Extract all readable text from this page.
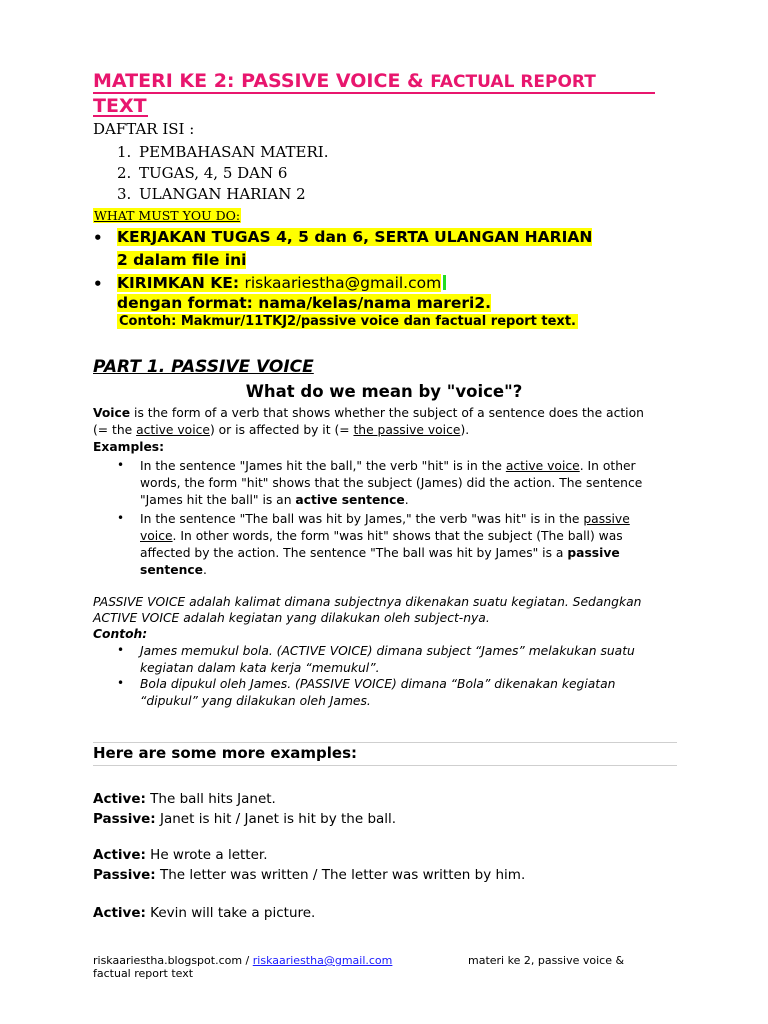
MATERI KE 2: PASSIVE VOICE & FACTUAL REPORT
TEXT
DAFTAR ISI :
1. PEMBAHASAN MATERI.
2. TUGAS, 4, 5 DAN 6
3. ULANGAN HARIAN 2
WHAT MUST YOU DO:
• KERJAKAN TUGAS 4, 5 dan 6, SERTA ULANGAN HARIAN
2 dalam file ini
• KIRIMKAN KE: riskaariestha@gmail.com
dengan format: nama/kelas/nama mareri2.
Contoh: Makmur/11TKJ2/passive voice dan factual report text.
PART 1. PASSIVE VOICE
What do we mean by "voice"?
Voice is the form of a verb that shows whether the subject of a sentence does the action
(= the active voice) or is affected by it (= the passive voice).
Examples:
• In the sentence "James hit the ball," the verb "hit" is in the active voice. In other
words, the form "hit" shows that the subject (James) did the action. The sentence
"James hit the ball" is an active sentence.
• In the sentence "The ball was hit by James," the verb "was hit" is in the passive
voice. In other words, the form "was hit" shows that the subject (The ball) was
affected by the action. The sentence "The ball was hit by James" is a passive
sentence.
PASSIVE VOICE adalah kalimat dimana subjectnya dikenakan suatu kegiatan. Sedangkan
ACTIVE VOICE adalah kegiatan yang dilakukan oleh subject-nya.
Contoh:
• James memukul bola. (ACTIVE VOICE) dimana subject “James” melakukan suatu
kegiatan dalam kata kerja “memukul”.
• Bola dipukul oleh James. (PASSIVE VOICE) dimana “Bola” dikenakan kegiatan
“dipukul” yang dilakukan oleh James.
Here are some more examples:
Active: The ball hits Janet.
Passive: Janet is hit / Janet is hit by the ball.
Active: He wrote a letter.
Passive: The letter was written / The letter was written by him.
Active: Kevin will take a picture.
riskaariestha.blogspot.com / riskaariestha@gmail.com	materi ke 2, passive voice &
factual report text
